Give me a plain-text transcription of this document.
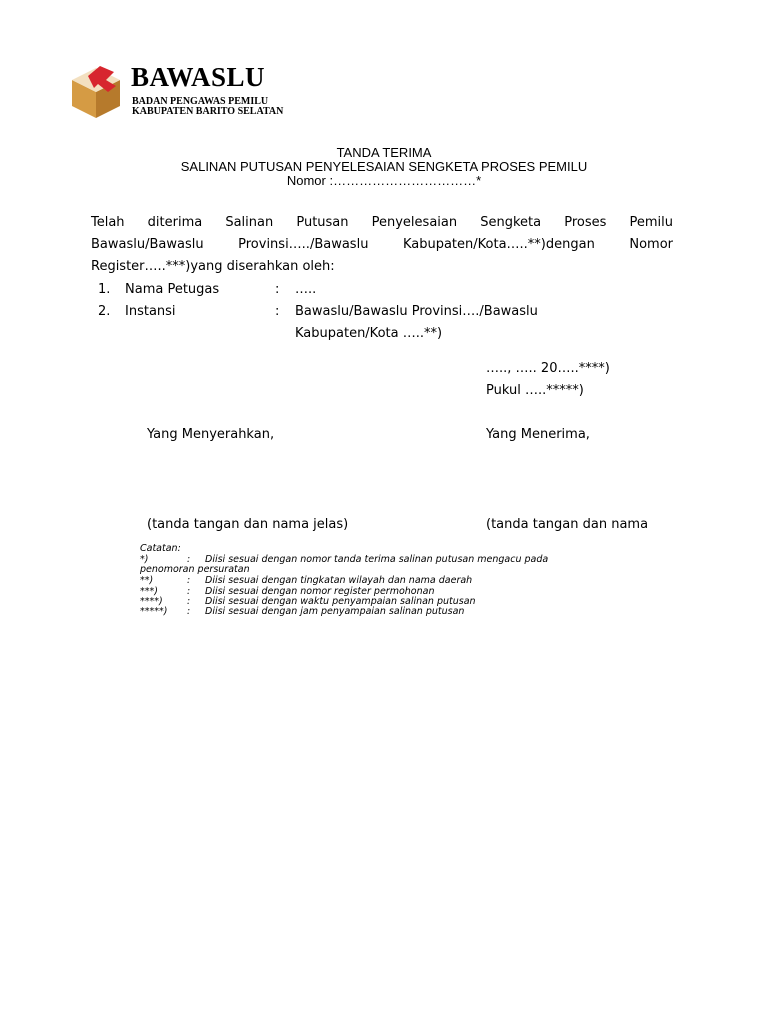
BAWASLU
BADAN PENGAWAS PEMILU
KABUPATEN BARITO SELATAN
TANDA TERIMA
SALINAN PUTUSAN PENYELESAIAN SENGKETA PROSES PEMILU
Nomor :……………………………*
Telah diterima Salinan Putusan Penyelesaian Sengketa Proses Pemilu
Bawaslu/Bawaslu Provinsi…../Bawaslu Kabupaten/Kota…..**)dengan Nomor
Register…..***)yang diserahkan oleh:
1. Nama Petugas	: …..
2. Instansi	: Bawaslu/Bawaslu Provinsi…./Bawaslu
Kabupaten/Kota …..**)
….., ….. 20…..****)
Pukul …..*****)
Yang Menyerahkan,	Yang Menerima,
(tanda tangan dan nama jelas)	(tanda tangan dan nama
Catatan:
*)	: Diisi sesuai dengan nomor tanda terima salinan putusan mengacu pada
penomoran persuratan
**)	: Diisi sesuai dengan tingkatan wilayah dan nama daerah
***)	: Diisi sesuai dengan nomor register permohonan
****)	: Diisi sesuai dengan waktu penyampaian salinan putusan
*****) : Diisi sesuai dengan jam penyampaian salinan putusan
